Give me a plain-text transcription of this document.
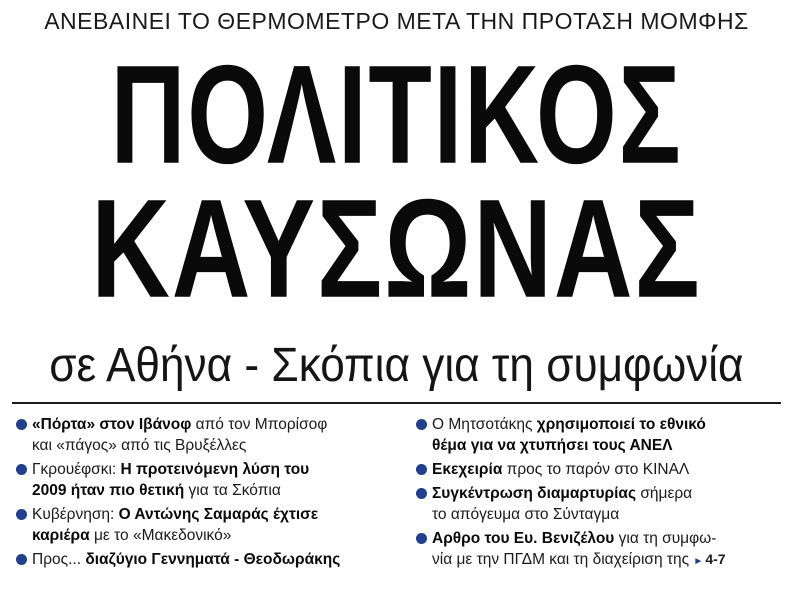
ΑΝΕΒΑΙΝΕΙ ΤΟ ΘΕΡΜΟΜΕΤΡΟ ΜΕΤΑ ΤΗΝ ΠΡΟΤΑΣΗ ΜΟΜΦΗΣ
ΠΟΛΙΤΙΚΟΣ
ΚΑΥΣΩΝΑΣ
σε Αθήνα - Σκόπια για τη συμφωνία
«Πόρτα» στον Ιβάνοφ από τον Μπορίσοφ
και «πάγος» από τις Βρυξέλλες
Γκρουέφσκι: Η προτεινόμενη λύση του
2009 ήταν πιο θετική για τα Σκόπια
Κυβέρνηση: Ο Αντώνης Σαμαράς έχτισε
καριέρα με το «Μακεδονικό»
Προς... διαζύγιο Γεννηματά - Θεοδωράκης
Ο Μητσοτάκης χρησιμοποιεί το εθνικό
θέμα για να χτυπήσει τους ΑΝΕΛ
Εκεχειρία προς το παρόν στο ΚΙΝΑΛ
Συγκέντρωση διαμαρτυρίας σήμερα
το απόγευμα στο Σύνταγμα
Αρθρο του Ευ. Βενιζέλου για τη συμφω-
νία με την ΠΓΔΜ και τη διαχείριση της ► 4-7
